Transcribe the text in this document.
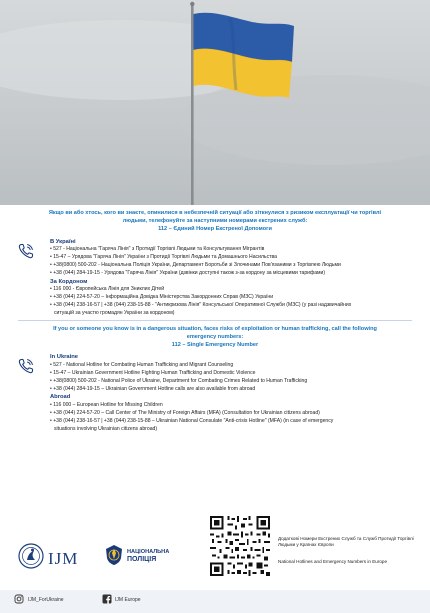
Якщо ви або хтось, кого ви знаєте, опинилися в небезпечній ситуації або зіткнулися з ризиком експлуатації чи торгівлі
людьми, телефонуйте за наступними номерами екстрених служб:
112 – Єдиний Номер Екстреної Допомоги

В Україні
• 527 - Національна "Гаряча Лінія" з Протидії Торгівлі Людьми та Консультування Мігрантів
• 15-47 – Урядова "Гаряча Лінія" України з Протидії Торгівлі Людьми та Домашнього Насильства
• +38(0800) 500-202 - Національна Поліція України, Департамент Боротьби зі Злочинами Пов'язаними з Торгівлею Людьми
• +38 (044) 284-19-15 - Урядова "Гаряча Лінія" України (дзвінки доступні також з-за кордону за місцевими тарифами)
За Кордоном
• 116 000 - Європейська Лінія для Зниклих Дітей
• +38 (044) 224-57-20 – Інформаційна Довідка Міністерства Закордонних Справ (МЗС) України
• +38 (044) 238-16-57 | +38 (044) 238-15-88 - "Антикризова Лінія" Консульської Оперативної Служби (МЗС) (у разі надзвичайних
ситуацій за участю громадян України за кордоном)

If you or someone you know is in a dangerous situation, faces risks of exploitation or human trafficking, call the following
emergency numbers:
112 – Single Emergency Number

In Ukraine
• 527 - National Hotline for Combating Human Trafficking and Migrant Counseling
• 15-47 – Ukrainian Government Hotline Fighting Human Trafficking and Domestic Violence
• +38(0800) 500-202 - National Police of Ukraine, Department for Combating Crimes Related to Human Trafficking
• +38 (044) 284-19-15 – Ukrainian Government Hotline calls are also available from abroad
Abroad
• 116 000 – European Hotline for Missing Children
• +38 (044) 224-57-20 – Call Center of The Ministry of Foreign Affairs (MFA) (Consultation for Ukrainian citizens abroad)
• +38 (044) 238-16-57 | +38 (044) 238-15-88 – Ukrainian National Consulate "Anti-crisis Hotline" (MFA) (in case of emergency
situations involving Ukrainian citizens abroad)
IJM	НАЦІОНАЛЬНА
ПОЛІЦІЯ
Додаткові Номери Екстрених Служб та Служб Протидії Торгівлі Людьми у Країнах Європи
National Hotlines and Emergency Numbers in Europe
IJM_ForUkraine	IJM Europe
